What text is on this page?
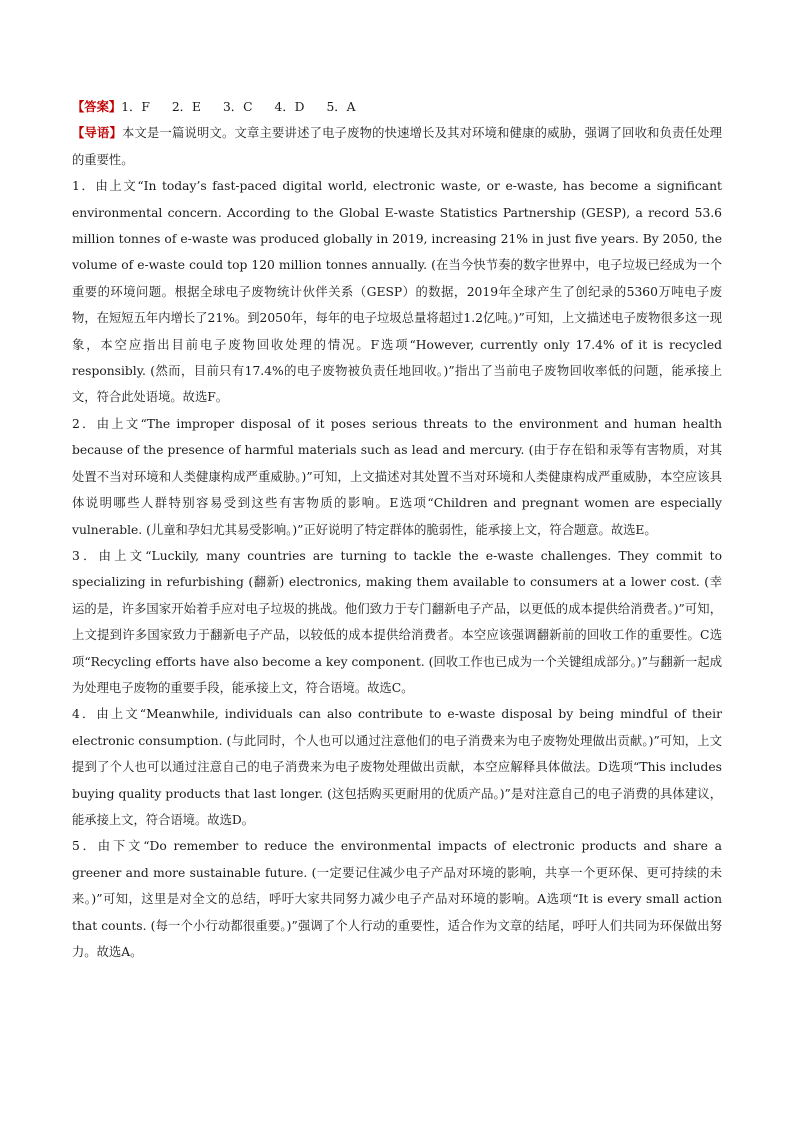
【答案】1．F 2．E 3．C 4．D 5．A

【导语】本文是一篇说明文。文章主要讲述了电子废物的快速增长及其对环境和健康的威胁，强调了回收和负责任处理的重要性。

1．由上文“In today’s fast-paced digital world, electronic waste, or e-waste, has become a significant environmental concern. According to the Global E-waste Statistics Partnership (GESP), a record 53.6 million tonnes of e-waste was produced globally in 2019, increasing 21% in just five years. By 2050, the volume of e-waste could top 120 million tonnes annually. (在当今快节奏的数字世界中，电子垃圾已经成为一个重要的环境问题。根据全球电子废物统计伙伴关系（GESP）的数据，2019年全球产生了创纪录的5360万吨电子废物，在短短五年内增长了21%。到2050年，每年的电子垃圾总量将超过1.2亿吨。)”可知，上文描述电子废物很多这一现象，本空应指出目前电子废物回收处理的情况。F选项“However, currently only 17.4% of it is recycled responsibly. (然而，目前只有17.4%的电子废物被负责任地回收。)”指出了当前电子废物回收率低的问题，能承接上文，符合此处语境。故选F。

2．由上文“The improper disposal of it poses serious threats to the environment and human health because of the presence of harmful materials such as lead and mercury. (由于存在铅和汞等有害物质，对其处置不当对环境和人类健康构成严重威胁。)”可知，上文描述对其处置不当对环境和人类健康构成严重威胁，本空应该具体说明哪些人群特别容易受到这些有害物质的影响。E选项“Children and pregnant women are especially vulnerable. (儿童和孕妇尤其易受影响。)”正好说明了特定群体的脆弱性，能承接上文，符合题意。故选E。

3．由上文“Luckily, many countries are turning to tackle the e-waste challenges. They commit to specializing in refurbishing (翻新) electronics, making them available to consumers at a lower cost. (幸运的是，许多国家开始着手应对电子垃圾的挑战。他们致力于专门翻新电子产品，以更低的成本提供给消费者。)”可知，上文提到许多国家致力于翻新电子产品，以较低的成本提供给消费者。本空应该强调翻新前的回收工作的重要性。C选项“Recycling efforts have also become a key component. (回收工作也已成为一个关键组成部分。)”与翻新一起成为处理电子废物的重要手段，能承接上文，符合语境。故选C。

4．由上文“Meanwhile, individuals can also contribute to e-waste disposal by being mindful of their electronic consumption. (与此同时，个人也可以通过注意他们的电子消费来为电子废物处理做出贡献。)”可知，上文提到了个人也可以通过注意自己的电子消费来为电子废物处理做出贡献，本空应解释具体做法。D选项“This includes buying quality products that last longer. (这包括购买更耐用的优质产品。)”是对注意自己的电子消费的具体建议，能承接上文，符合语境。故选D。

5．由下文“Do remember to reduce the environmental impacts of electronic products and share a greener and more sustainable future. (一定要记住减少电子产品对环境的影响，共享一个更环保、更可持续的未来。)”可知，这里是对全文的总结，呼吁大家共同努力减少电子产品对环境的影响。A选项“It is every small action that counts. (每一个小行动都很重要。)”强调了个人行动的重要性，适合作为文章的结尾，呼吁人们共同为环保做出努力。故选A。
